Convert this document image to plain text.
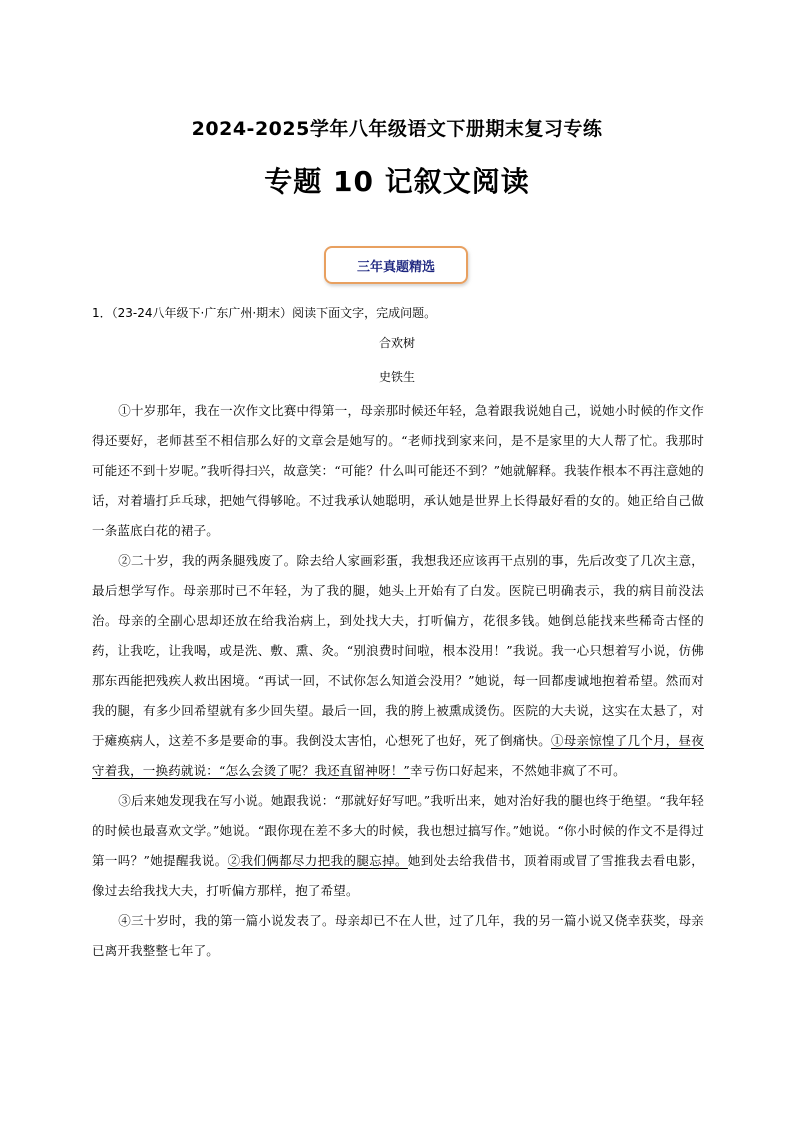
2024-2025学年八年级语文下册期末复习专练
专题 10 记叙文阅读
三年真题精选
1．（23-24八年级下·广东广州·期末）阅读下面文字，完成问题。
合欢树
史铁生

①十岁那年，我在一次作文比赛中得第一，母亲那时候还年轻，急着跟我说她自己，说她小时候的作文作得还要好，老师甚至不相信那么好的文章会是她写的。“老师找到家来问，是不是家里的大人帮了忙。我那时可能还不到十岁呢。”我听得扫兴，故意笑：“可能？什么叫可能还不到？”她就解释。我装作根本不再注意她的话，对着墙打乒乓球，把她气得够呛。不过我承认她聪明，承认她是世界上长得最好看的女的。她正给自己做一条蓝底白花的裙子。

②二十岁，我的两条腿残废了。除去给人家画彩蛋，我想我还应该再干点别的事，先后改变了几次主意，最后想学写作。母亲那时已不年轻，为了我的腿，她头上开始有了白发。医院已明确表示，我的病目前没法治。母亲的全副心思却还放在给我治病上，到处找大夫，打听偏方，花很多钱。她倒总能找来些稀奇古怪的药，让我吃，让我喝，或是洗、敷、熏、灸。“别浪费时间啦，根本没用！”我说。我一心只想着写小说，仿佛那东西能把残疾人救出困境。“再试一回，不试你怎么知道会没用？”她说，每一回都虔诚地抱着希望。然而对我的腿，有多少回希望就有多少回失望。最后一回，我的胯上被熏成烫伤。医院的大夫说，这实在太悬了，对于瘫痪病人，这差不多是要命的事。我倒没太害怕，心想死了也好，死了倒痛快。①母亲惊惶了几个月，昼夜守着我，一换药就说：“怎么会烫了呢？我还直留神呀！”幸亏伤口好起来，不然她非疯了不可。

③后来她发现我在写小说。她跟我说：“那就好好写吧。”我听出来，她对治好我的腿也终于绝望。“我年轻的时候也最喜欢文学。”她说。“跟你现在差不多大的时候，我也想过搞写作。”她说。“你小时候的作文不是得过第一吗？”她提醒我说。②我们俩都尽力把我的腿忘掉。她到处去给我借书，顶着雨或冒了雪推我去看电影，像过去给我找大夫，打听偏方那样，抱了希望。

④三十岁时，我的第一篇小说发表了。母亲却已不在人世，过了几年，我的另一篇小说又侥幸获奖，母亲已离开我整整七年了。
